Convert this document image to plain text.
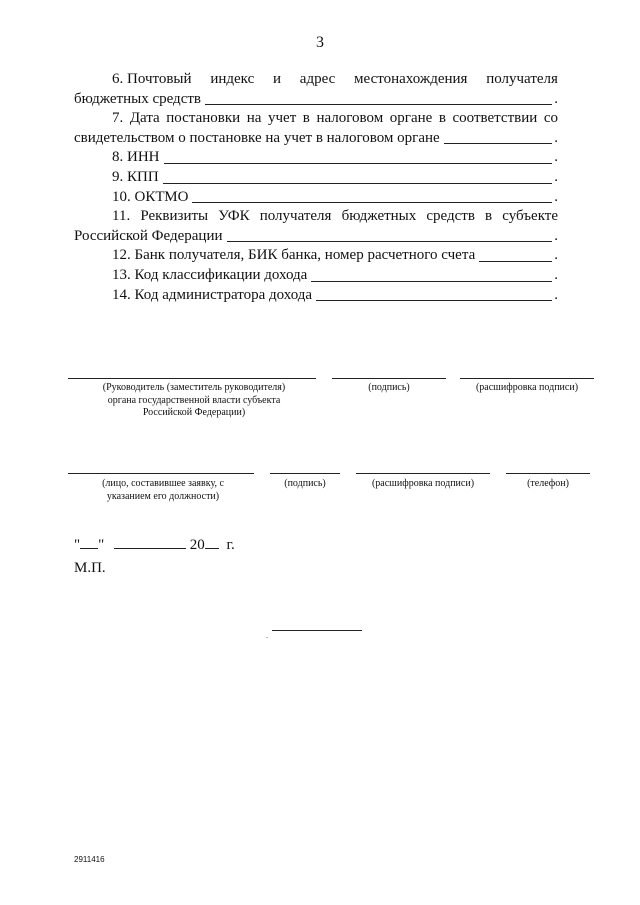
3
6. Почтовый индекс и адрес местонахождения получателя
бюджетных средств	.
7. Дата постановки на учет в налоговом органе в соответствии со
свидетельством о постановке на учет в налоговом органе	.
8. ИНН	.
9. КПП	.
10. ОКТМО	.
11. Реквизиты УФК получателя бюджетных средств в субъекте
Российской Федерации	.
12. Банк получателя, БИК банка, номер расчетного счета	.
13. Код классификации дохода	.
14. Код администратора дохода	.
(Руководитель (заместитель руководителя) органа государственной власти субъекта Российской Федерации)
(подпись)	(расшифровка подписи)
(лицо, составившее заявку, с указанием его должности)
(подпись)	(расшифровка подписи)	(телефон)
" "	20 г.
М.П.
.
2911416
